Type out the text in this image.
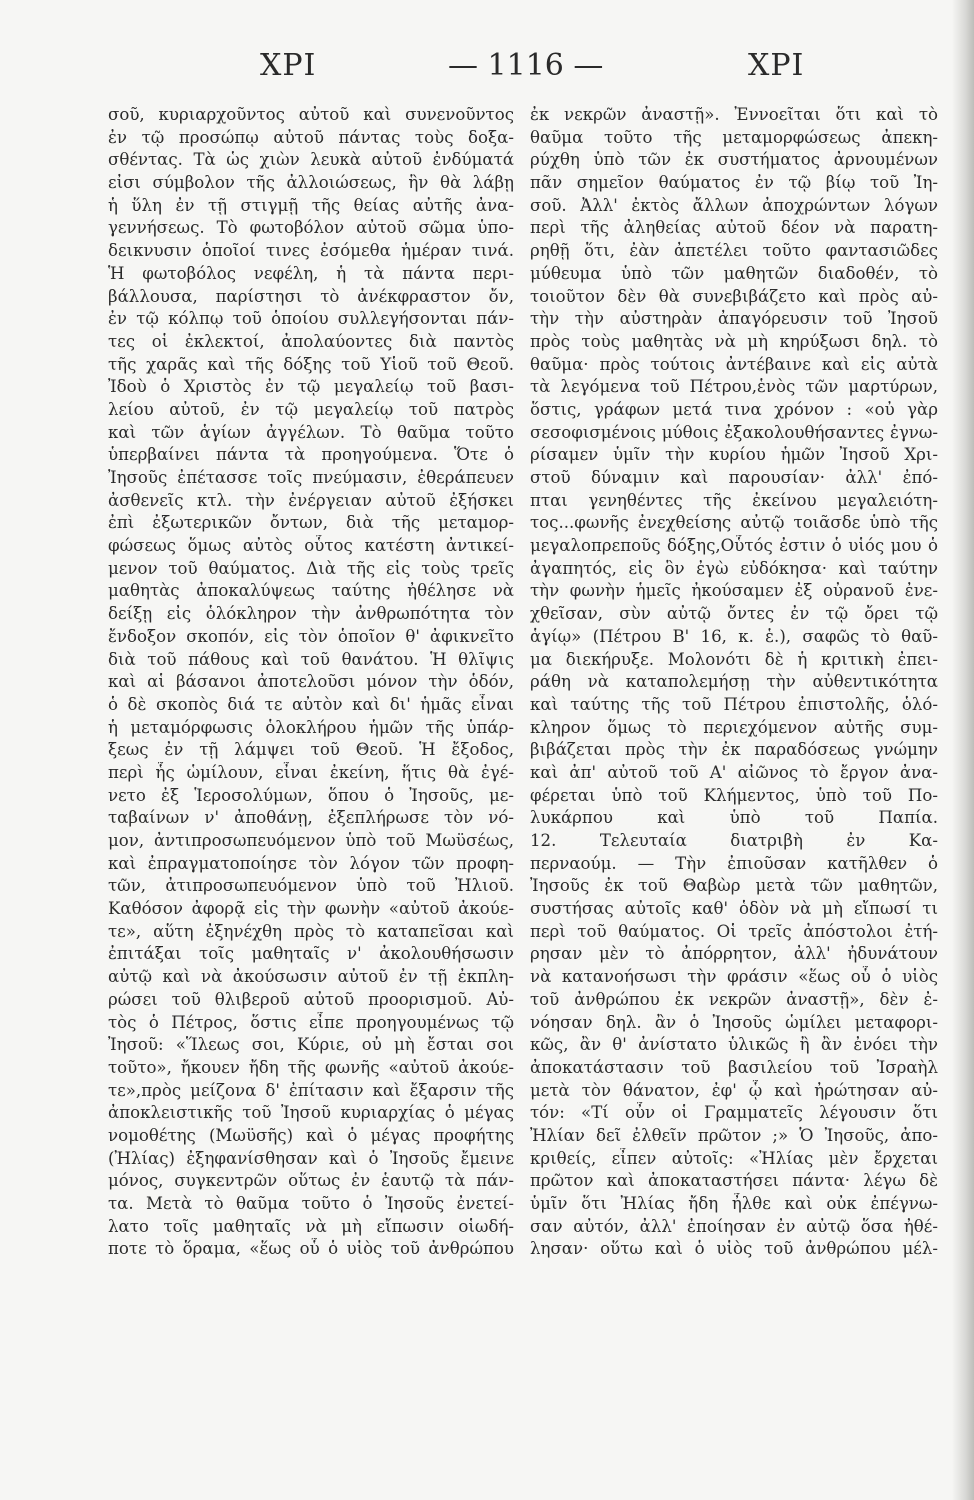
ΧΡΙ	— 1116 —	ΧΡΙ
σοῦ, κυριαρχοῦντος αὐτοῦ καὶ συνενοῦντος
ἐν τῷ προσώπῳ αὐτοῦ πάντας τοὺς δοξα-
σθέντας. Τὰ ὡς χιὼν λευκὰ αὐτοῦ ἐνδύματά
εἰσι σύμβολον τῆς ἀλλοιώσεως, ἣν θὰ λάβῃ
ἡ ὕλη ἐν τῇ στιγμῇ τῆς θείας αὐτῆς ἀνα-
γεννήσεως. Τὸ φωτοβόλον αὐτοῦ σῶμα ὑπο-
δεικνυσιν ὁποῖοί τινες ἐσόμεθα ἡμέραν τινά.
Ἡ φωτοβόλος νεφέλη, ἡ τὰ πάντα περι-
βάλλουσα, παρίστησι τὸ ἀνέκφραστον ὄν,
ἐν τῷ κόλπῳ τοῦ ὁποίου συλλεγήσονται πάν-
τες οἱ ἐκλεκτοί, ἀπολαύοντες διὰ παντὸς
τῆς χαρᾶς καὶ τῆς δόξης τοῦ Υἱοῦ τοῦ Θεοῦ.
Ἰδοὺ ὁ Χριστὸς ἐν τῷ μεγαλείῳ τοῦ βασι-
λείου αὐτοῦ, ἐν τῷ μεγαλείῳ τοῦ πατρὸς
καὶ τῶν ἁγίων ἀγγέλων. Τὸ θαῦμα τοῦτο
ὑπερβαίνει πάντα τὰ προηγούμενα. Ὅτε ὁ
Ἰησοῦς ἐπέτασσε τοῖς πνεύμασιν, ἐθεράπευεν
ἀσθενεῖς κτλ. τὴν ἐνέργειαν αὐτοῦ ἐξήσκει
ἐπὶ ἐξωτερικῶν ὄντων, διὰ τῆς μεταμορ-
φώσεως ὅμως αὐτὸς οὗτος κατέστη ἀντικεί-
μενον τοῦ θαύματος. Διὰ τῆς εἰς τοὺς τρεῖς
μαθητὰς ἀποκαλύψεως ταύτης ἠθέλησε νὰ
δείξῃ εἰς ὁλόκληρον τὴν ἀνθρωπότητα τὸν
ἔνδοξον σκοπόν, εἰς τὸν ὁποῖον θ' ἀφικνεῖτο
διὰ τοῦ πάθους καὶ τοῦ θανάτου. Ἡ θλῖψις
καὶ αἱ βάσανοι ἀποτελοῦσι μόνον τὴν ὁδόν,
ὁ δὲ σκοπὸς διά τε αὐτὸν καὶ δι' ἡμᾶς εἶναι
ἡ μεταμόρφωσις ὁλοκλήρου ἡμῶν τῆς ὑπάρ-
ξεως ἐν τῇ λάμψει τοῦ Θεοῦ. Ἡ ἔξοδος,
περὶ ἧς ὡμίλουν, εἶναι ἐκείνη, ἥτις θὰ ἐγέ-
νετο ἐξ Ἱεροσολύμων, ὅπου ὁ Ἰησοῦς, με-
ταβαίνων ν' ἀποθάνῃ, ἐξεπλήρωσε τὸν νό-
μον, ἀντιπροσωπευόμενον ὑπὸ τοῦ Μωϋσέως,
καὶ ἐπραγματοποίησε τὸν λόγον τῶν προφη-
τῶν, ἀτιπροσωπευόμενον ὑπὸ τοῦ Ἠλιοῦ.
Καθόσον ἀφορᾷ εἰς τὴν φωνὴν «αὐτοῦ ἀκούε-
τε», αὕτη ἐξηνέχθη πρὸς τὸ καταπεῖσαι καὶ
ἐπιτάξαι τοῖς μαθηταῖς ν' ἀκολουθήσωσιν
αὐτῷ καὶ νὰ ἀκούσωσιν αὐτοῦ ἐν τῇ ἐκπλη-
ρώσει τοῦ θλιβεροῦ αὐτοῦ προορισμοῦ. Αὐ-
τὸς ὁ Πέτρος, ὅστις εἶπε προηγουμένως τῷ
Ἰησοῦ: «Ἵλεως σοι, Κύριε, οὐ μὴ ἔσται σοι
τοῦτο», ἤκουεν ἤδη τῆς φωνῆς «αὐτοῦ ἀκούε-
τε»,πρὸς μείζονα δ' ἐπίτασιν καὶ ἔξαρσιν τῆς
ἀποκλειστικῆς τοῦ Ἰησοῦ κυριαρχίας ὁ μέγας
νομοθέτης (Μωϋσῆς) καὶ ὁ μέγας προφήτης
(Ἠλίας) ἐξηφανίσθησαν καὶ ὁ Ἰησοῦς ἔμεινε
μόνος, συγκεντρῶν οὕτως ἐν ἑαυτῷ τὰ πάν-
τα. Μετὰ τὸ θαῦμα τοῦτο ὁ Ἰησοῦς ἐνετεί-
λατο τοῖς μαθηταῖς νὰ μὴ εἴπωσιν οἱωδή-
ποτε τὸ ὅραμα, «ἕως οὗ ὁ υἱὸς τοῦ ἀνθρώπου
ἐκ νεκρῶν ἀναστῇ». Ἐννοεῖται ὅτι καὶ τὸ
θαῦμα τοῦτο τῆς μεταμορφώσεως ἀπεκη-
ρύχθη ὑπὸ τῶν ἐκ συστήματος ἀρνουμένων
πᾶν σημεῖον θαύματος ἐν τῷ βίῳ τοῦ Ἰη-
σοῦ. Ἀλλ' ἐκτὸς ἄλλων ἀποχρώντων λόγων
περὶ τῆς ἀληθείας αὐτοῦ δέον νὰ παρατη-
ρηθῇ ὅτι, ἐὰν ἀπετέλει τοῦτο φαντασιῶδες
μύθευμα ὑπὸ τῶν μαθητῶν διαδοθέν, τὸ
τοιοῦτον δὲν θὰ συνεβιβάζετο καὶ πρὸς αὐ-
τὴν τὴν αὐστηρὰν ἀπαγόρευσιν τοῦ Ἰησοῦ
πρὸς τοὺς μαθητὰς νὰ μὴ κηρύξωσι δηλ. τὸ
θαῦμα· πρὸς τούτοις ἀντέβαινε καὶ εἰς αὐτὰ
τὰ λεγόμενα τοῦ Πέτρου,ἑνὸς τῶν μαρτύρων,
ὅστις, γράφων μετά τινα χρόνον : «οὐ γὰρ
σεσοφισμένοις μύθοις ἐξακολουθήσαντες ἐγνω-
ρίσαμεν ὑμῖν τὴν κυρίου ἡμῶν Ἰησοῦ Χρι-
στοῦ δύναμιν καὶ παρουσίαν· ἀλλ' ἐπό-
πται γενηθέντες τῆς ἐκείνου μεγαλειότη-
τος...φωνῆς ἐνεχθείσης αὐτῷ τοιᾶσδε ὑπὸ τῆς
μεγαλοπρεποῦς δόξης,Οὗτός ἐστιν ὁ υἱός μου ὁ
ἀγαπητός, εἰς ὃν ἐγὼ εὐδόκησα· καὶ ταύτην
τὴν φωνὴν ἡμεῖς ἠκούσαμεν ἐξ οὐρανοῦ ἐνε-
χθεῖσαν, σὺν αὐτῷ ὄντες ἐν τῷ ὄρει τῷ
ἁγίῳ» (Πέτρου Β' 16, κ. ἑ.), σαφῶς τὸ θαῦ-
μα διεκήρυξε. Μολονότι δὲ ἡ κριτικὴ ἐπει-
ράθη νὰ καταπολεμήσῃ τὴν αὐθεντικότητα
καὶ ταύτης τῆς τοῦ Πέτρου ἐπιστολῆς, ὁλό-
κληρον ὅμως τὸ περιεχόμενον αὐτῆς συμ-
βιβάζεται πρὸς τὴν ἐκ παραδόσεως γνώμην
καὶ ἀπ' αὐτοῦ τοῦ Α' αἰῶνος τὸ ἔργον ἀνα-
φέρεται ὑπὸ τοῦ Κλήμεντος, ὑπὸ τοῦ Πο-
λυκάρπου καὶ ὑπὸ τοῦ Παπία.
12. Τελευταία διατριβὴ ἐν Κα-
περναούμ. — Τὴν ἐπιοῦσαν κατῆλθεν ὁ
Ἰησοῦς ἐκ τοῦ Θαβὼρ μετὰ τῶν μαθητῶν,
συστήσας αὐτοῖς καθ' ὁδὸν νὰ μὴ εἴπωσί τι
περὶ τοῦ θαύματος. Οἱ τρεῖς ἀπόστολοι ἐτή-
ρησαν μὲν τὸ ἀπόρρητον, ἀλλ' ἠδυνάτουν
νὰ κατανοήσωσι τὴν φράσιν «ἕως οὗ ὁ υἱὸς
τοῦ ἀνθρώπου ἐκ νεκρῶν ἀναστῇ», δὲν ἐ-
νόησαν δηλ. ἂν ὁ Ἰησοῦς ὡμίλει μεταφορι-
κῶς, ἂν θ' ἀνίστατο ὑλικῶς ἢ ἂν ἐνόει τὴν
ἀποκατάστασιν τοῦ βασιλείου τοῦ Ἰσραὴλ
μετὰ τὸν θάνατον, ἐφ' ᾧ καὶ ἠρώτησαν αὐ-
τόν: «Τί οὖν οἱ Γραμματεῖς λέγουσιν ὅτι
Ἠλίαν δεῖ ἐλθεῖν πρῶτον ;» Ὁ Ἰησοῦς, ἀπο-
κριθείς, εἶπεν αὐτοῖς: «Ἠλίας μὲν ἔρχεται
πρῶτον καὶ ἀποκαταστήσει πάντα· λέγω δὲ
ὑμῖν ὅτι Ἠλίας ἤδη ἦλθε καὶ οὐκ ἐπέγνω-
σαν αὐτόν, ἀλλ' ἐποίησαν ἐν αὐτῷ ὅσα ἠθέ-
λησαν· οὕτω καὶ ὁ υἱὸς τοῦ ἀνθρώπου μέλ-
